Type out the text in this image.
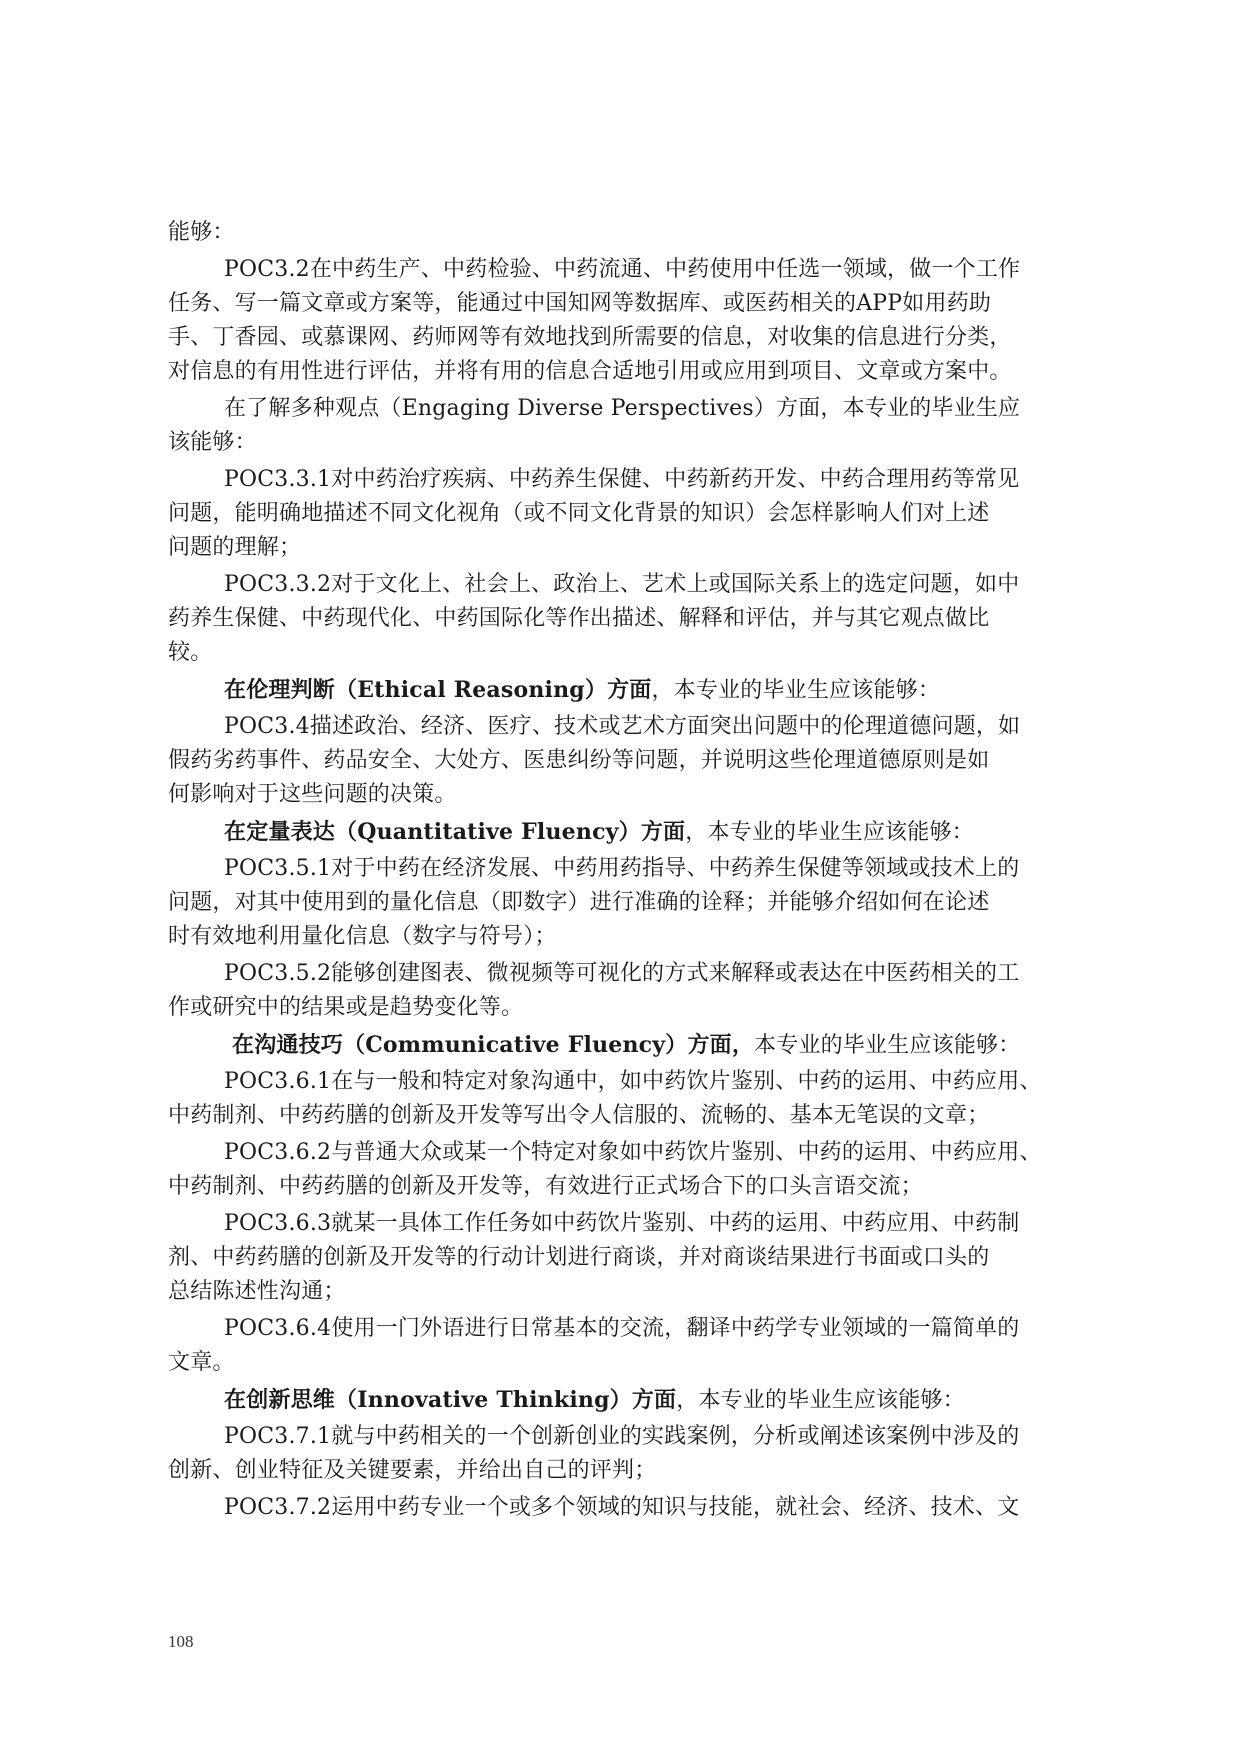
能够：
POC3.2在中药生产、中药检验、中药流通、中药使用中任选一领域，做一个工作
任务、写一篇文章或方案等，能通过中国知网等数据库、或医药相关的APP如用药助
手、丁香园、或慕课网、药师网等有效地找到所需要的信息，对收集的信息进行分类，
对信息的有用性进行评估，并将有用的信息合适地引用或应用到项目、文章或方案中。
在了解多种观点（Engaging Diverse Perspectives）方面，本专业的毕业生应
该能够：
POC3.3.1对中药治疗疾病、中药养生保健、中药新药开发、中药合理用药等常见
问题，能明确地描述不同文化视角（或不同文化背景的知识）会怎样影响人们对上述
问题的理解；
POC3.3.2对于文化上、社会上、政治上、艺术上或国际关系上的选定问题，如中
药养生保健、中药现代化、中药国际化等作出描述、解释和评估，并与其它观点做比
较。
在伦理判断（Ethical Reasoning）方面，本专业的毕业生应该能够：
POC3.4描述政治、经济、医疗、技术或艺术方面突出问题中的伦理道德问题，如
假药劣药事件、药品安全、大处方、医患纠纷等问题，并说明这些伦理道德原则是如
何影响对于这些问题的决策。
在定量表达（Quantitative Fluency）方面，本专业的毕业生应该能够：
POC3.5.1对于中药在经济发展、中药用药指导、中药养生保健等领域或技术上的
问题，对其中使用到的量化信息（即数字）进行准确的诠释；并能够介绍如何在论述
时有效地利用量化信息（数字与符号）；
POC3.5.2能够创建图表、微视频等可视化的方式来解释或表达在中医药相关的工
作或研究中的结果或是趋势变化等。
在沟通技巧（Communicative Fluency）方面，本专业的毕业生应该能够：
POC3.6.1在与一般和特定对象沟通中，如中药饮片鉴别、中药的运用、中药应用、
中药制剂、中药药膳的创新及开发等写出令人信服的、流畅的、基本无笔误的文章；
POC3.6.2与普通大众或某一个特定对象如中药饮片鉴别、中药的运用、中药应用、
中药制剂、中药药膳的创新及开发等，有效进行正式场合下的口头言语交流；
POC3.6.3就某一具体工作任务如中药饮片鉴别、中药的运用、中药应用、中药制
剂、中药药膳的创新及开发等的行动计划进行商谈，并对商谈结果进行书面或口头的
总结陈述性沟通；
POC3.6.4使用一门外语进行日常基本的交流，翻译中药学专业领域的一篇简单的
文章。
在创新思维（Innovative Thinking）方面，本专业的毕业生应该能够：
POC3.7.1就与中药相关的一个创新创业的实践案例，分析或阐述该案例中涉及的
创新、创业特征及关键要素，并给出自己的评判；
POC3.7.2运用中药专业一个或多个领域的知识与技能，就社会、经济、技术、文
108
